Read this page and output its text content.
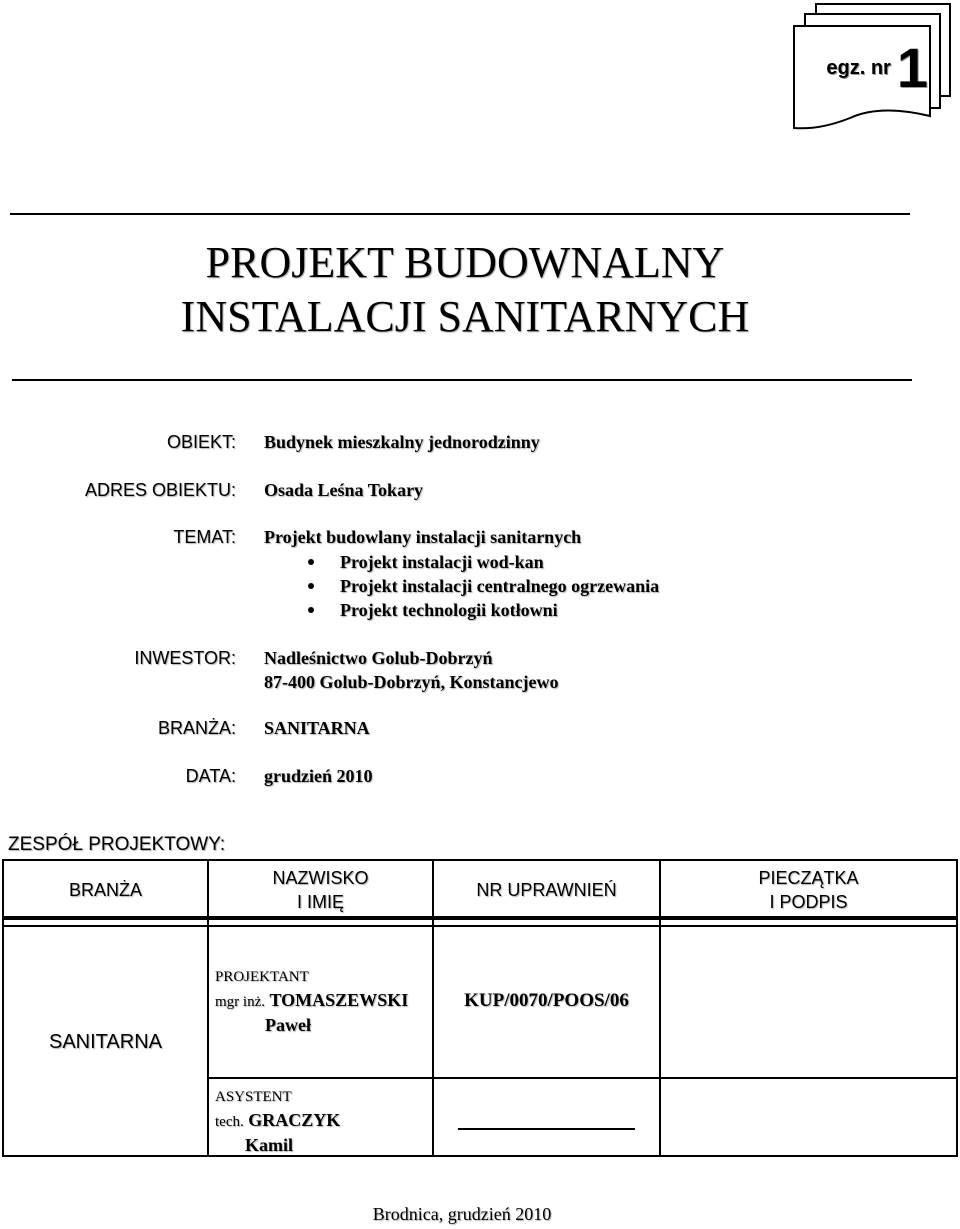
egz. nr 1
PROJEKT BUDOWNALNY
INSTALACJI SANITARNYCH
OBIEKT: Budynek mieszkalny jednorodzinny
ADRES OBIEKTU: Osada Leśna Tokary
TEMAT: Projekt budowlany instalacji sanitarnych
Projekt instalacji wod-kan
Projekt instalacji centralnego ogrzewania
Projekt technologii kotłowni
INWESTOR: Nadleśnictwo Golub-Dobrzyń
87-400 Golub-Dobrzyń, Konstancjewo
BRANŻA: SANITARNA
DATA: grudzień 2010
ZESPÓŁ PROJEKTOWY:
BRANŻA
NAZWISKO
I IMIĘ
NR UPRAWNIEŃ
PIECZĄTKA
I PODPIS
SANITARNA
PROJEKTANT
mgr inż. TOMASZEWSKI
Paweł
KUP/0070/POOS/06
ASYSTENT
tech. GRACZYK
Kamil
Brodnica, grudzień 2010
